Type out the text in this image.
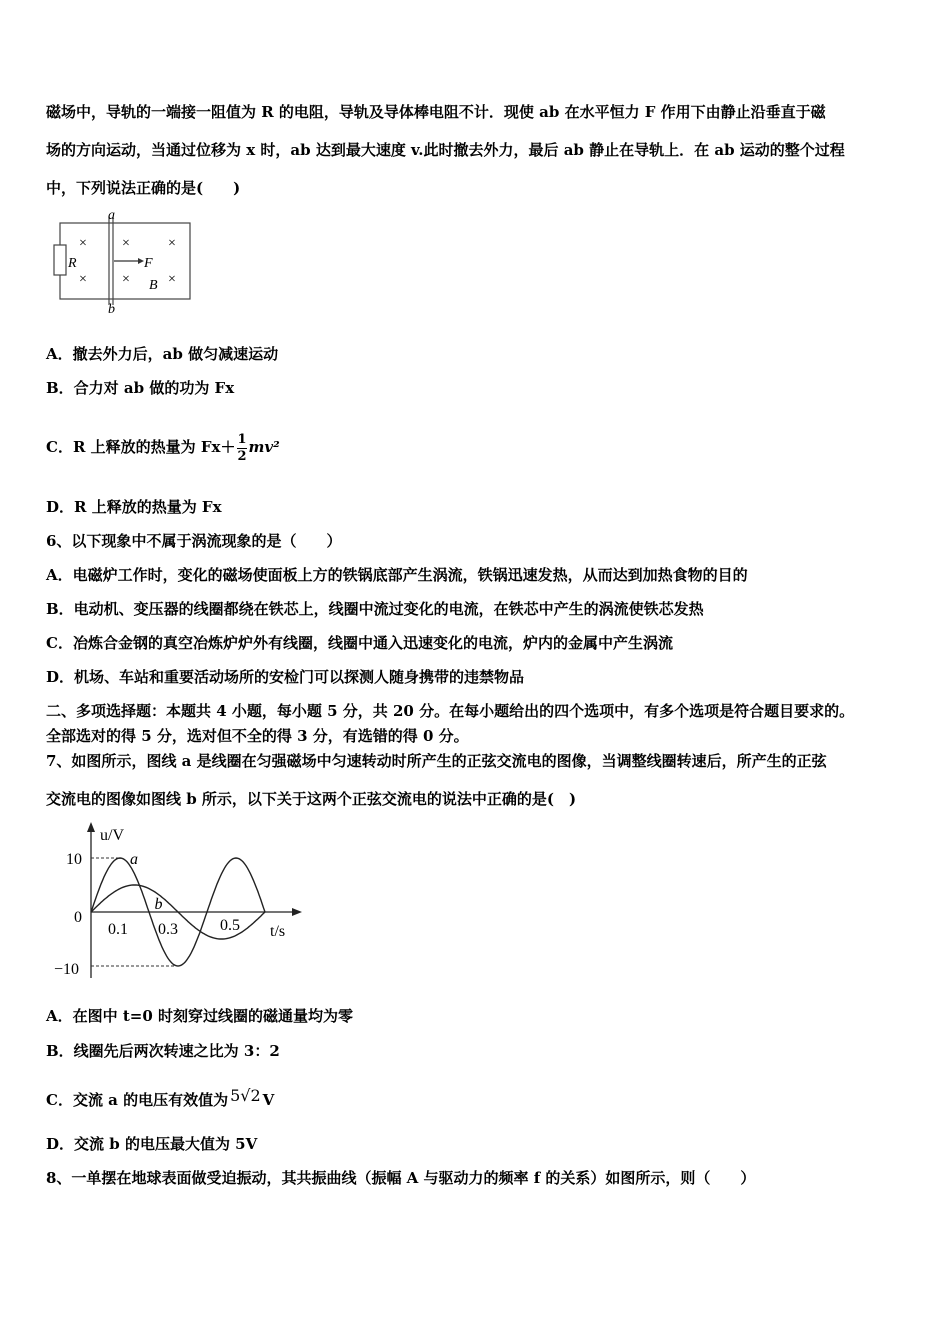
磁场中，导轨的一端接一阻值为 R 的电阻，导轨及导体棒电阻不计．现使 ab 在水平恒力 F 作用下由静止沿垂直于磁
场的方向运动，当通过位移为 x 时，ab 达到最大速度 v.此时撤去外力，最后 ab 静止在导轨上．在 ab 运动的整个过程
中，下列说法正确的是(　　)
a
b
R
×
×
×	×
×	×
F
B
A．撤去外力后，ab 做匀减速运动
B．合力对 ab 做的功为 Fx
C．R 上释放的热量为 $Fx+ \frac{1}{2} mv^2$
D．R 上释放的热量为 Fx
6、以下现象中不属于涡流现象的是（　　）
A．电磁炉工作时，变化的磁场使面板上方的铁锅底部产生涡流，铁锅迅速发热，从而达到加热食物的目的
B．电动机、变压器的线圈都绕在铁芯上，线圈中流过变化的电流，在铁芯中产生的涡流使铁芯发热
C．冶炼合金钢的真空冶炼炉炉外有线圈，线圈中通入迅速变化的电流，炉内的金属中产生涡流
D．机场、车站和重要活动场所的安检门可以探测人随身携带的违禁物品
二、多项选择题：本题共 4 小题，每小题 5 分，共 20 分。在每小题给出的四个选项中，有多个选项是符合题目要求的。
全部选对的得 5 分，选对但不全的得 3 分，有选错的得 0 分。
7、如图所示，图线 a 是线圈在匀强磁场中匀速转动时所产生的正弦交流电的图像，当调整线圈转速后，所产生的正弦
交流电的图像如图线 b 所示，以下关于这两个正弦交流电的说法中正确的是(　)
u/V
t/s
10
0
−10
0.1 0.3	0.5
a
b
A．在图中 t=0 时刻穿过线圈的磁通量均为零
B．线圈先后两次转速之比为 3：2
C．交流 a 的电压有效值为 5√2 V
D．交流 b 的电压最大值为 5V
8、一单摆在地球表面做受迫振动，其共振曲线（振幅 A 与驱动力的频率 f 的关系）如图所示，则（　　）
